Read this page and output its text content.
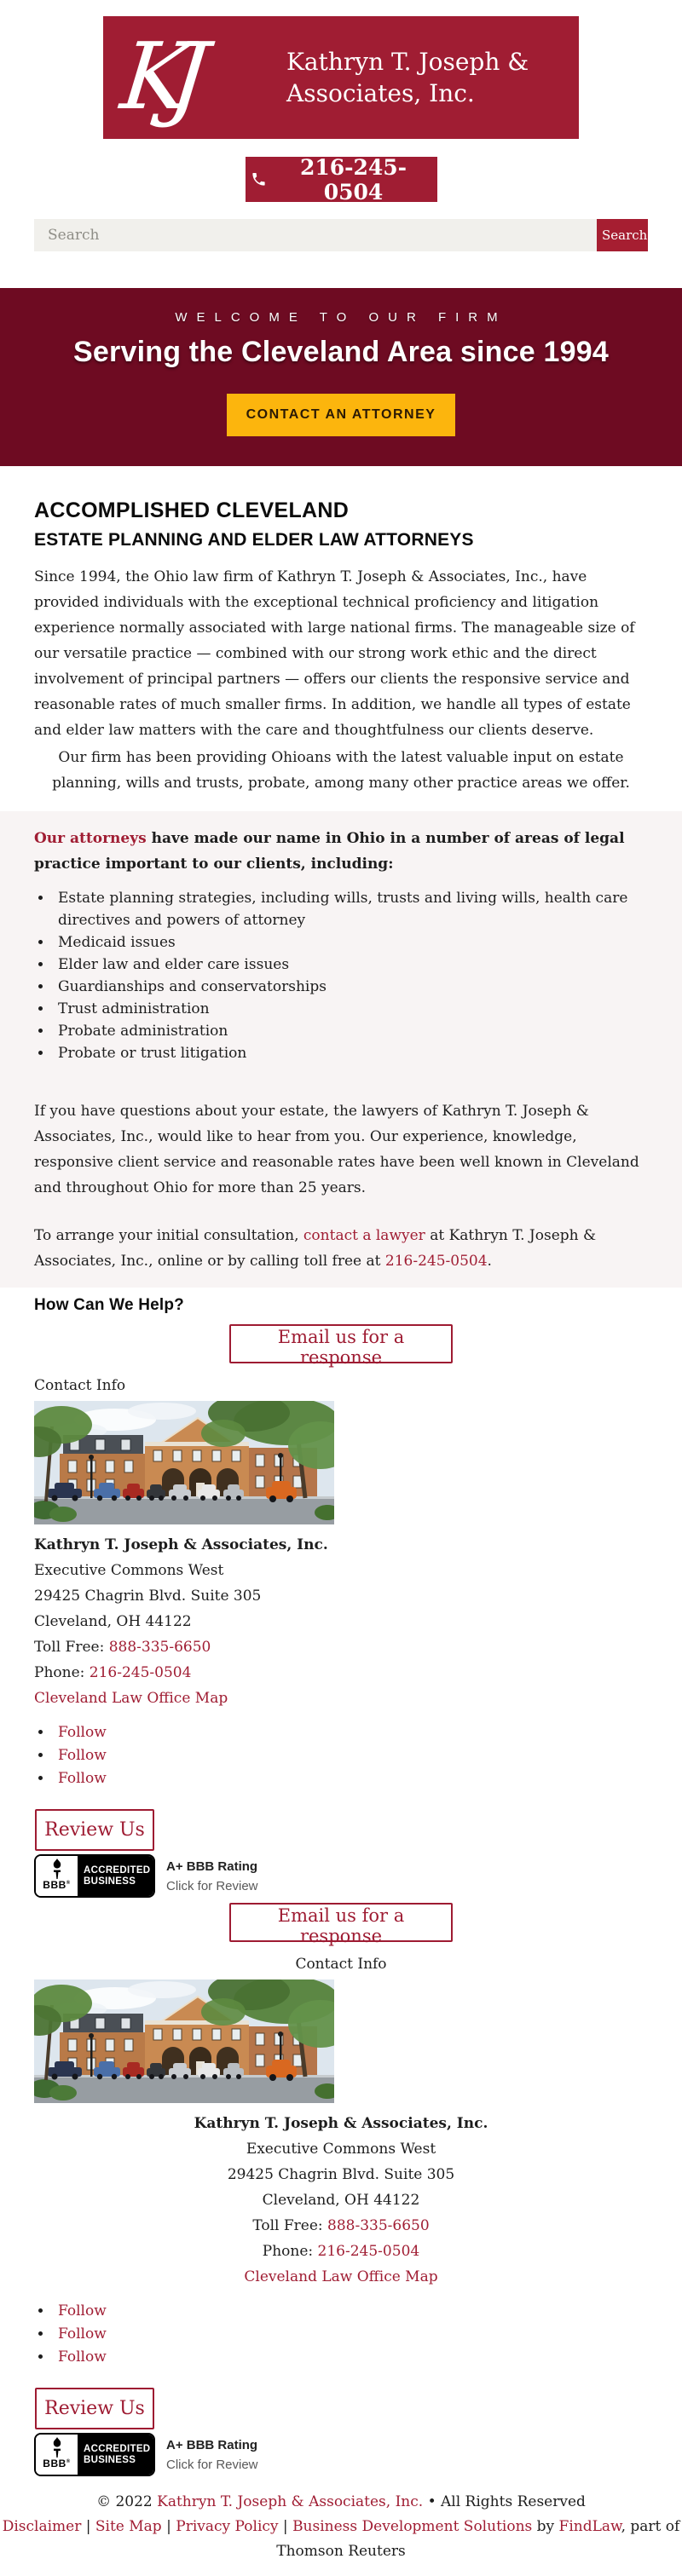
KJ	Kathryn T. Joseph &
Associates, Inc.
216-245-0504
Search
Search
WELCOME TO OUR FIRM
Serving the Cleveland Area since 1994
CONTACT AN ATTORNEY
ACCOMPLISHED CLEVELAND
ESTATE PLANNING AND ELDER LAW ATTORNEYS

Since 1994, the Ohio law firm of Kathryn T. Joseph & Associates, Inc., have provided individuals with the exceptional technical proficiency and litigation experience normally associated with large national firms. The manageable size of our versatile practice — combined with our strong work ethic and the direct involvement of principal partners — offers our clients the responsive service and reasonable rates of much smaller firms. In addition, we handle all types of estate and elder law matters with the care and thoughtfulness our clients deserve.

Our firm has been providing Ohioans with the latest valuable input on estate planning, wills and trusts, probate, among many other practice areas we offer.

Our attorneys have made our name in Ohio in a number of areas of legal practice important to our clients, including:

• Estate planning strategies, including wills, trusts and living wills, health care directives and powers of attorney
• Medicaid issues
• Elder law and elder care issues
• Guardianships and conservatorships
• Trust administration
• Probate administration
• Probate or trust litigation

If you have questions about your estate, the lawyers of Kathryn T. Joseph & Associates, Inc., would like to hear from you. Our experience, knowledge, responsive client service and reasonable rates have been well known in Cleveland and throughout Ohio for more than 25 years.

To arrange your initial consultation, contact a lawyer at Kathryn T. Joseph & Associates, Inc., online or by calling toll free at 216-245-0504.

How Can We Help?
Email us for a response
Contact Info
Kathryn T. Joseph & Associates, Inc.
Executive Commons West
29425 Chagrin Blvd. Suite 305
Cleveland, OH 44122
Toll Free: 888-335-6650
Phone: 216-245-0504
Cleveland Law Office Map
• Follow
• Follow
• Follow
Review Us
BBB®
ACCREDITED
BUSINESS
A+ BBB Rating
Click for Review
Email us for a response
Contact Info
Kathryn T. Joseph & Associates, Inc.
Executive Commons West
29425 Chagrin Blvd. Suite 305
Cleveland, OH 44122
Toll Free: 888-335-6650
Phone: 216-245-0504
Cleveland Law Office Map
• Follow
• Follow
• Follow
Review Us
BBB®
ACCREDITED
BUSINESS
A+ BBB Rating
Click for Review
© 2022 Kathryn T. Joseph & Associates, Inc. • All Rights Reserved
Disclaimer | Site Map | Privacy Policy | Business Development Solutions by FindLaw, part of
Thomson Reuters
